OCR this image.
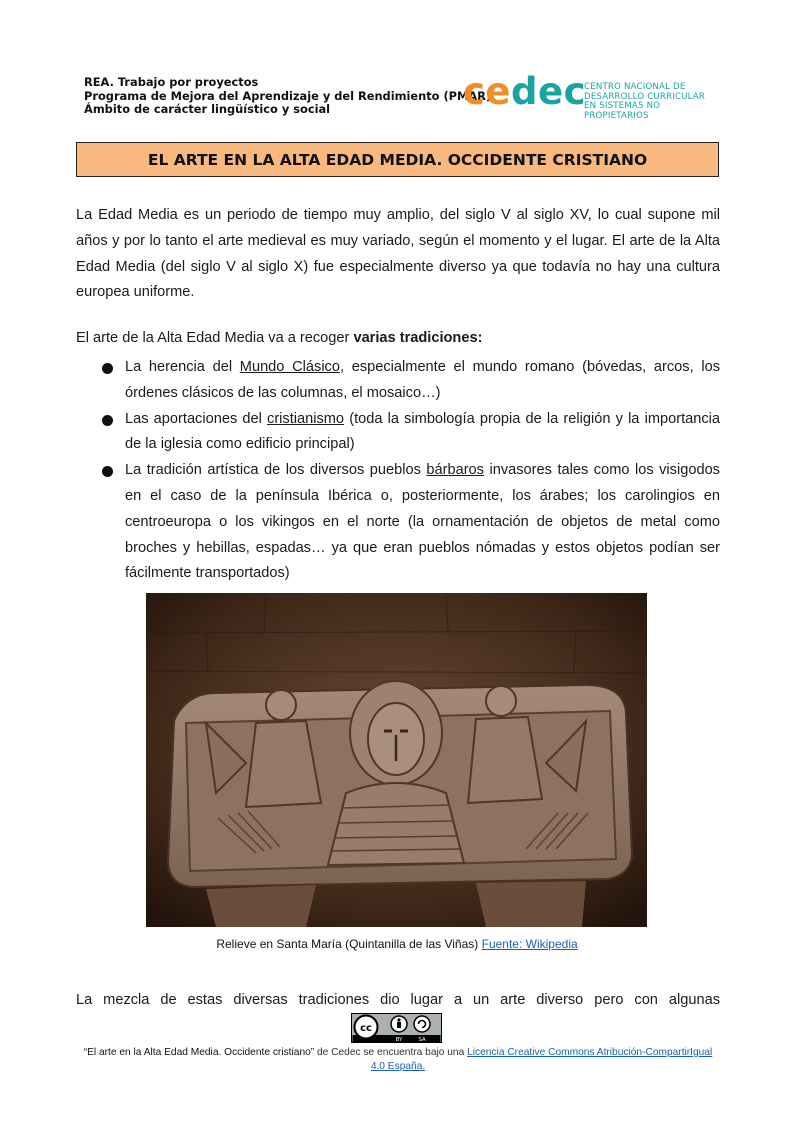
REA. Trabajo por proyectos
Programa de Mejora del Aprendizaje y del Rendimiento (PMAR)
Ámbito de carácter lingüístico y social	cedec
CENTRO NACIONAL DE
DESARROLLO CURRICULAR
EN SISTEMAS NO PROPIETARIOS
EL ARTE EN LA ALTA EDAD MEDIA. OCCIDENTE CRISTIANO
La Edad Media es un periodo de tiempo muy amplio, del siglo V al siglo XV, lo cual supone mil años y por lo tanto el arte medieval es muy variado, según el momento y el lugar. El arte de la Alta Edad Media (del siglo V al siglo X) fue especialmente diverso ya que todavía no hay una cultura europea uniforme.
El arte de la Alta Edad Media va a recoger varias tradiciones:
La herencia del Mundo Clásico, especialmente el mundo romano (bóvedas, arcos, los órdenes clásicos de las columnas, el mosaico…)
Las aportaciones del cristianismo (toda la simbología propia de la religión y la importancia de la iglesia como edificio principal)
La tradición artística de los diversos pueblos bárbaros invasores tales como los visigodos en el caso de la península Ibérica o, posteriormente, los árabes; los carolingios en centroeuropa o los vikingos en el norte (la ornamentación de objetos de metal como broches y hebillas, espadas… ya que eran pueblos nómadas y estos objetos podían ser fácilmente transportados)
Relieve en Santa María (Quintanilla de las Viñas) Fuente: Wikipedia
La mezcla de estas diversas tradiciones dio lugar a un arte diverso pero con algunas
cc
BY	SA
“El arte en la Alta Edad Media. Occidente cristiano” de Cedec se encuentra bajo una Licencia Creative Commons Atribución-CompartirIgual 4.0 España.
